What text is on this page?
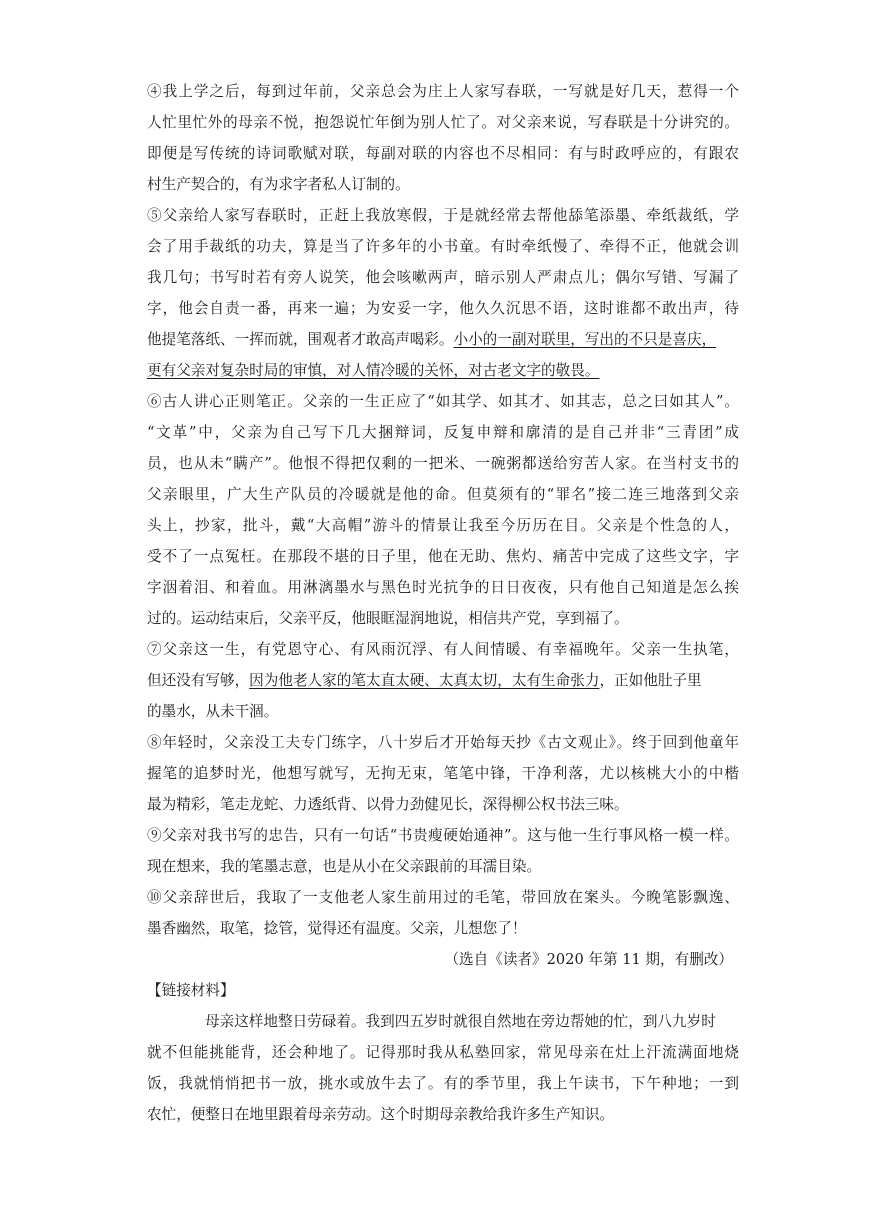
④我上学之后，每到过年前，父亲总会为庄上人家写春联，一写就是好几天，惹得一个
人忙里忙外的母亲不悦，抱怨说忙年倒为别人忙了。对父亲来说，写春联是十分讲究的。
即便是写传统的诗词歌赋对联，每副对联的内容也不尽相同：有与时政呼应的，有跟农
村生产契合的，有为求字者私人订制的。
⑤父亲给人家写春联时，正赶上我放寒假，于是就经常去帮他舔笔添墨、牵纸裁纸，学
会了用手裁纸的功夫，算是当了许多年的小书童。有时牵纸慢了、牵得不正，他就会训
我几句；书写时若有旁人说笑，他会咳嗽两声，暗示别人严肃点儿；偶尔写错、写漏了
字，他会自责一番，再来一遍；为安妥一字，他久久沉思不语，这时谁都不敢出声，待
他提笔落纸、一挥而就，围观者才敢高声喝彩。小小的一副对联里，写出的不只是喜庆，
更有父亲对复杂时局的审慎，对人情冷暖的关怀，对古老文字的敬畏。
⑥古人讲心正则笔正。父亲的一生正应了“如其学、如其才、如其志，总之曰如其人”。
“文革”中，父亲为自己写下几大捆辩词，反复申辩和廓清的是自己并非“三青团”成
员，也从未“瞒产”。他恨不得把仅剩的一把米、一碗粥都送给穷苦人家。在当村支书的
父亲眼里，广大生产队员的冷暖就是他的命。但莫须有的“罪名”接二连三地落到父亲
头上，抄家，批斗，戴“大高帽”游斗的情景让我至今历历在目。父亲是个性急的人，
受不了一点冤枉。在那段不堪的日子里，他在无助、焦灼、痛苦中完成了这些文字，字
字洇着泪、和着血。用淋漓墨水与黑色时光抗争的日日夜夜，只有他自己知道是怎么挨
过的。运动结束后，父亲平反，他眼眶湿润地说，相信共产党，享到福了。
⑦父亲这一生，有党恩守心、有风雨沉浮、有人间情暖、有幸福晚年。父亲一生执笔，
但还没有写够，因为他老人家的笔太直太硬、太真太切，太有生命张力，正如他肚子里
的墨水，从未干涸。
⑧年轻时，父亲没工夫专门练字，八十岁后才开始每天抄《古文观止》。终于回到他童年
握笔的追梦时光，他想写就写，无拘无束，笔笔中锋，干净利落，尤以核桃大小的中楷
最为精彩，笔走龙蛇、力透纸背、以骨力劲健见长，深得柳公权书法三味。
⑨父亲对我书写的忠告，只有一句话“书贵瘦硬始通神”。这与他一生行事风格一模一样。
现在想来，我的笔墨志意，也是从小在父亲跟前的耳濡目染。
⑩父亲辞世后，我取了一支他老人家生前用过的毛笔，带回放在案头。今晚笔影飘逸、
墨香幽然，取笔，捻管，觉得还有温度。父亲，儿想您了！
（选自《读者》2020 年第 11 期，有删改）
【链接材料】
母亲这样地整日劳碌着。我到四五岁时就很自然地在旁边帮她的忙，到八九岁时
就不但能挑能背，还会种地了。记得那时我从私塾回家，常见母亲在灶上汗流满面地烧
饭，我就悄悄把书一放，挑水或放牛去了。有的季节里，我上午读书，下午种地；一到
农忙，便整日在地里跟着母亲劳动。这个时期母亲教给我许多生产知识。
